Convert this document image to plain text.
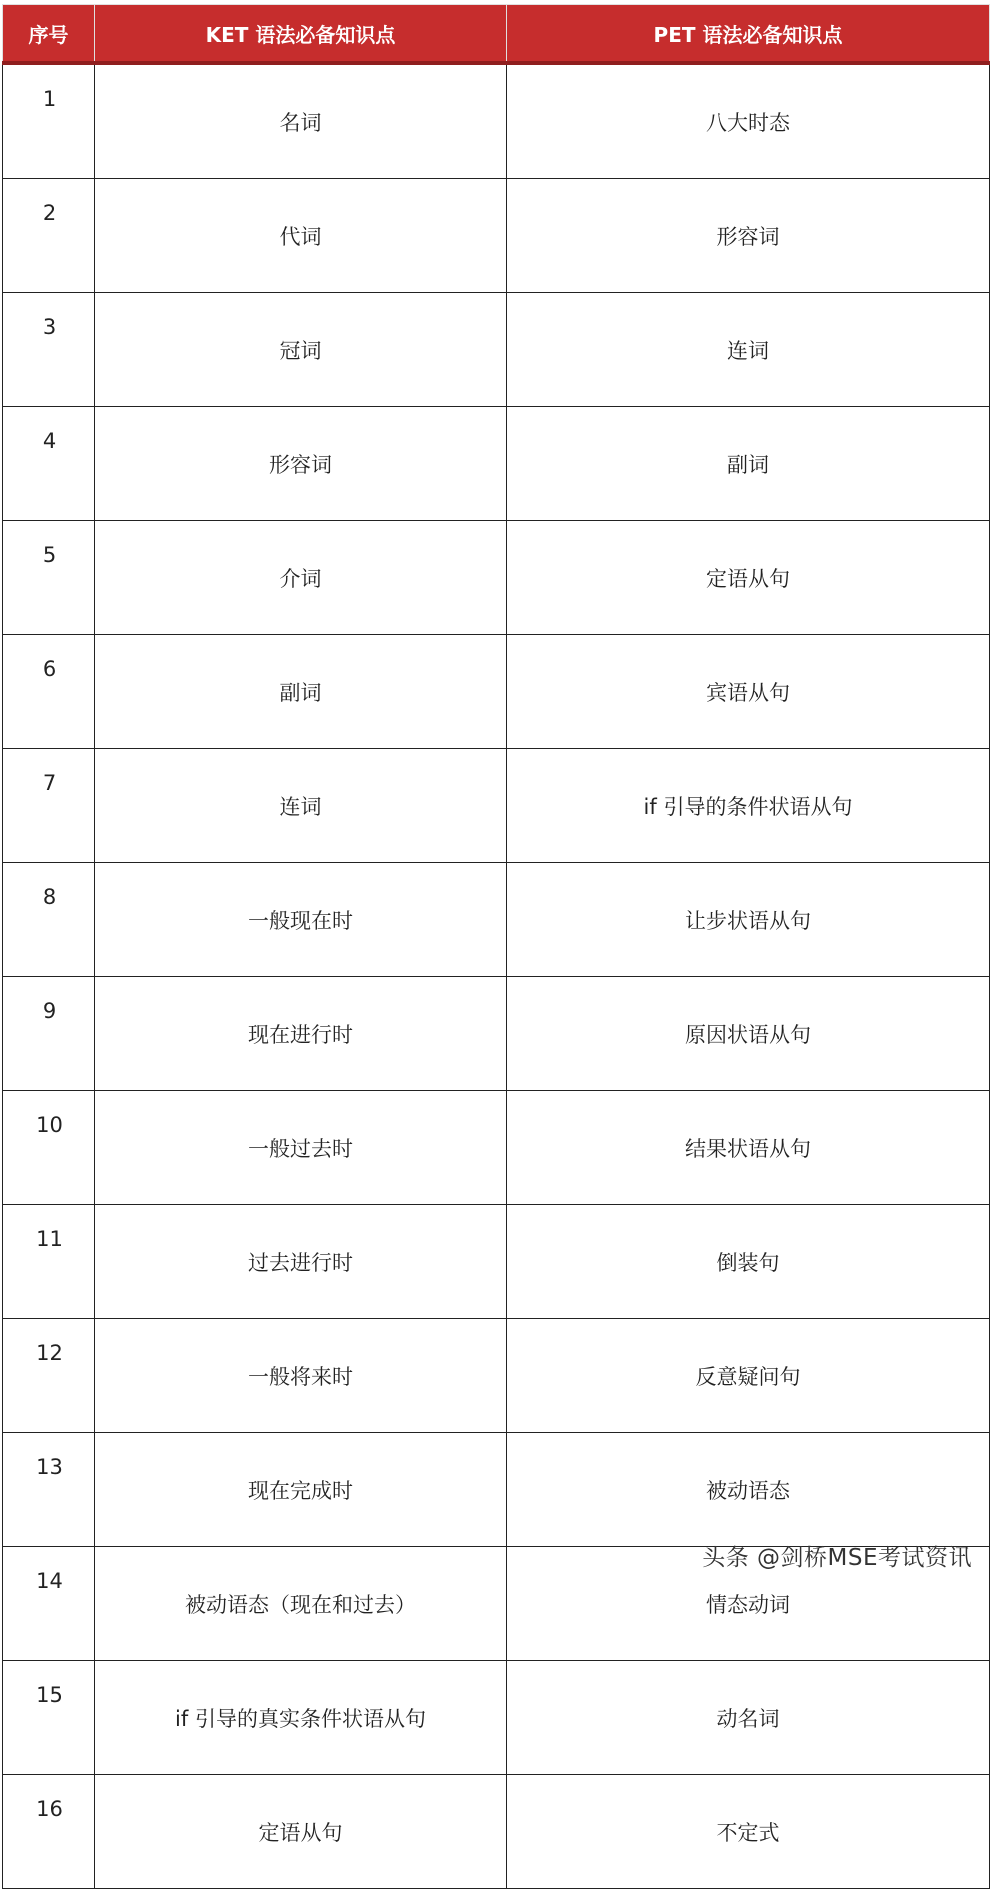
序号	KET 语法必备知识点	PET 语法必备知识点
1	名词	八大时态
2	代词	形容词
3	冠词	连词
4	形容词	副词
5	介词	定语从句
6	副词	宾语从句
7	连词	if 引导的条件状语从句
8	一般现在时	让步状语从句
9	现在进行时	原因状语从句
10	一般过去时	结果状语从句
11	过去进行时	倒装句
12	一般将来时	反意疑问句
13	现在完成时	被动语态
14	被动语态（现在和过去）	情态动词
15	if 引导的真实条件状语从句	动名词
16	定语从句	不定式
头条 @剑桥MSE考试资讯
